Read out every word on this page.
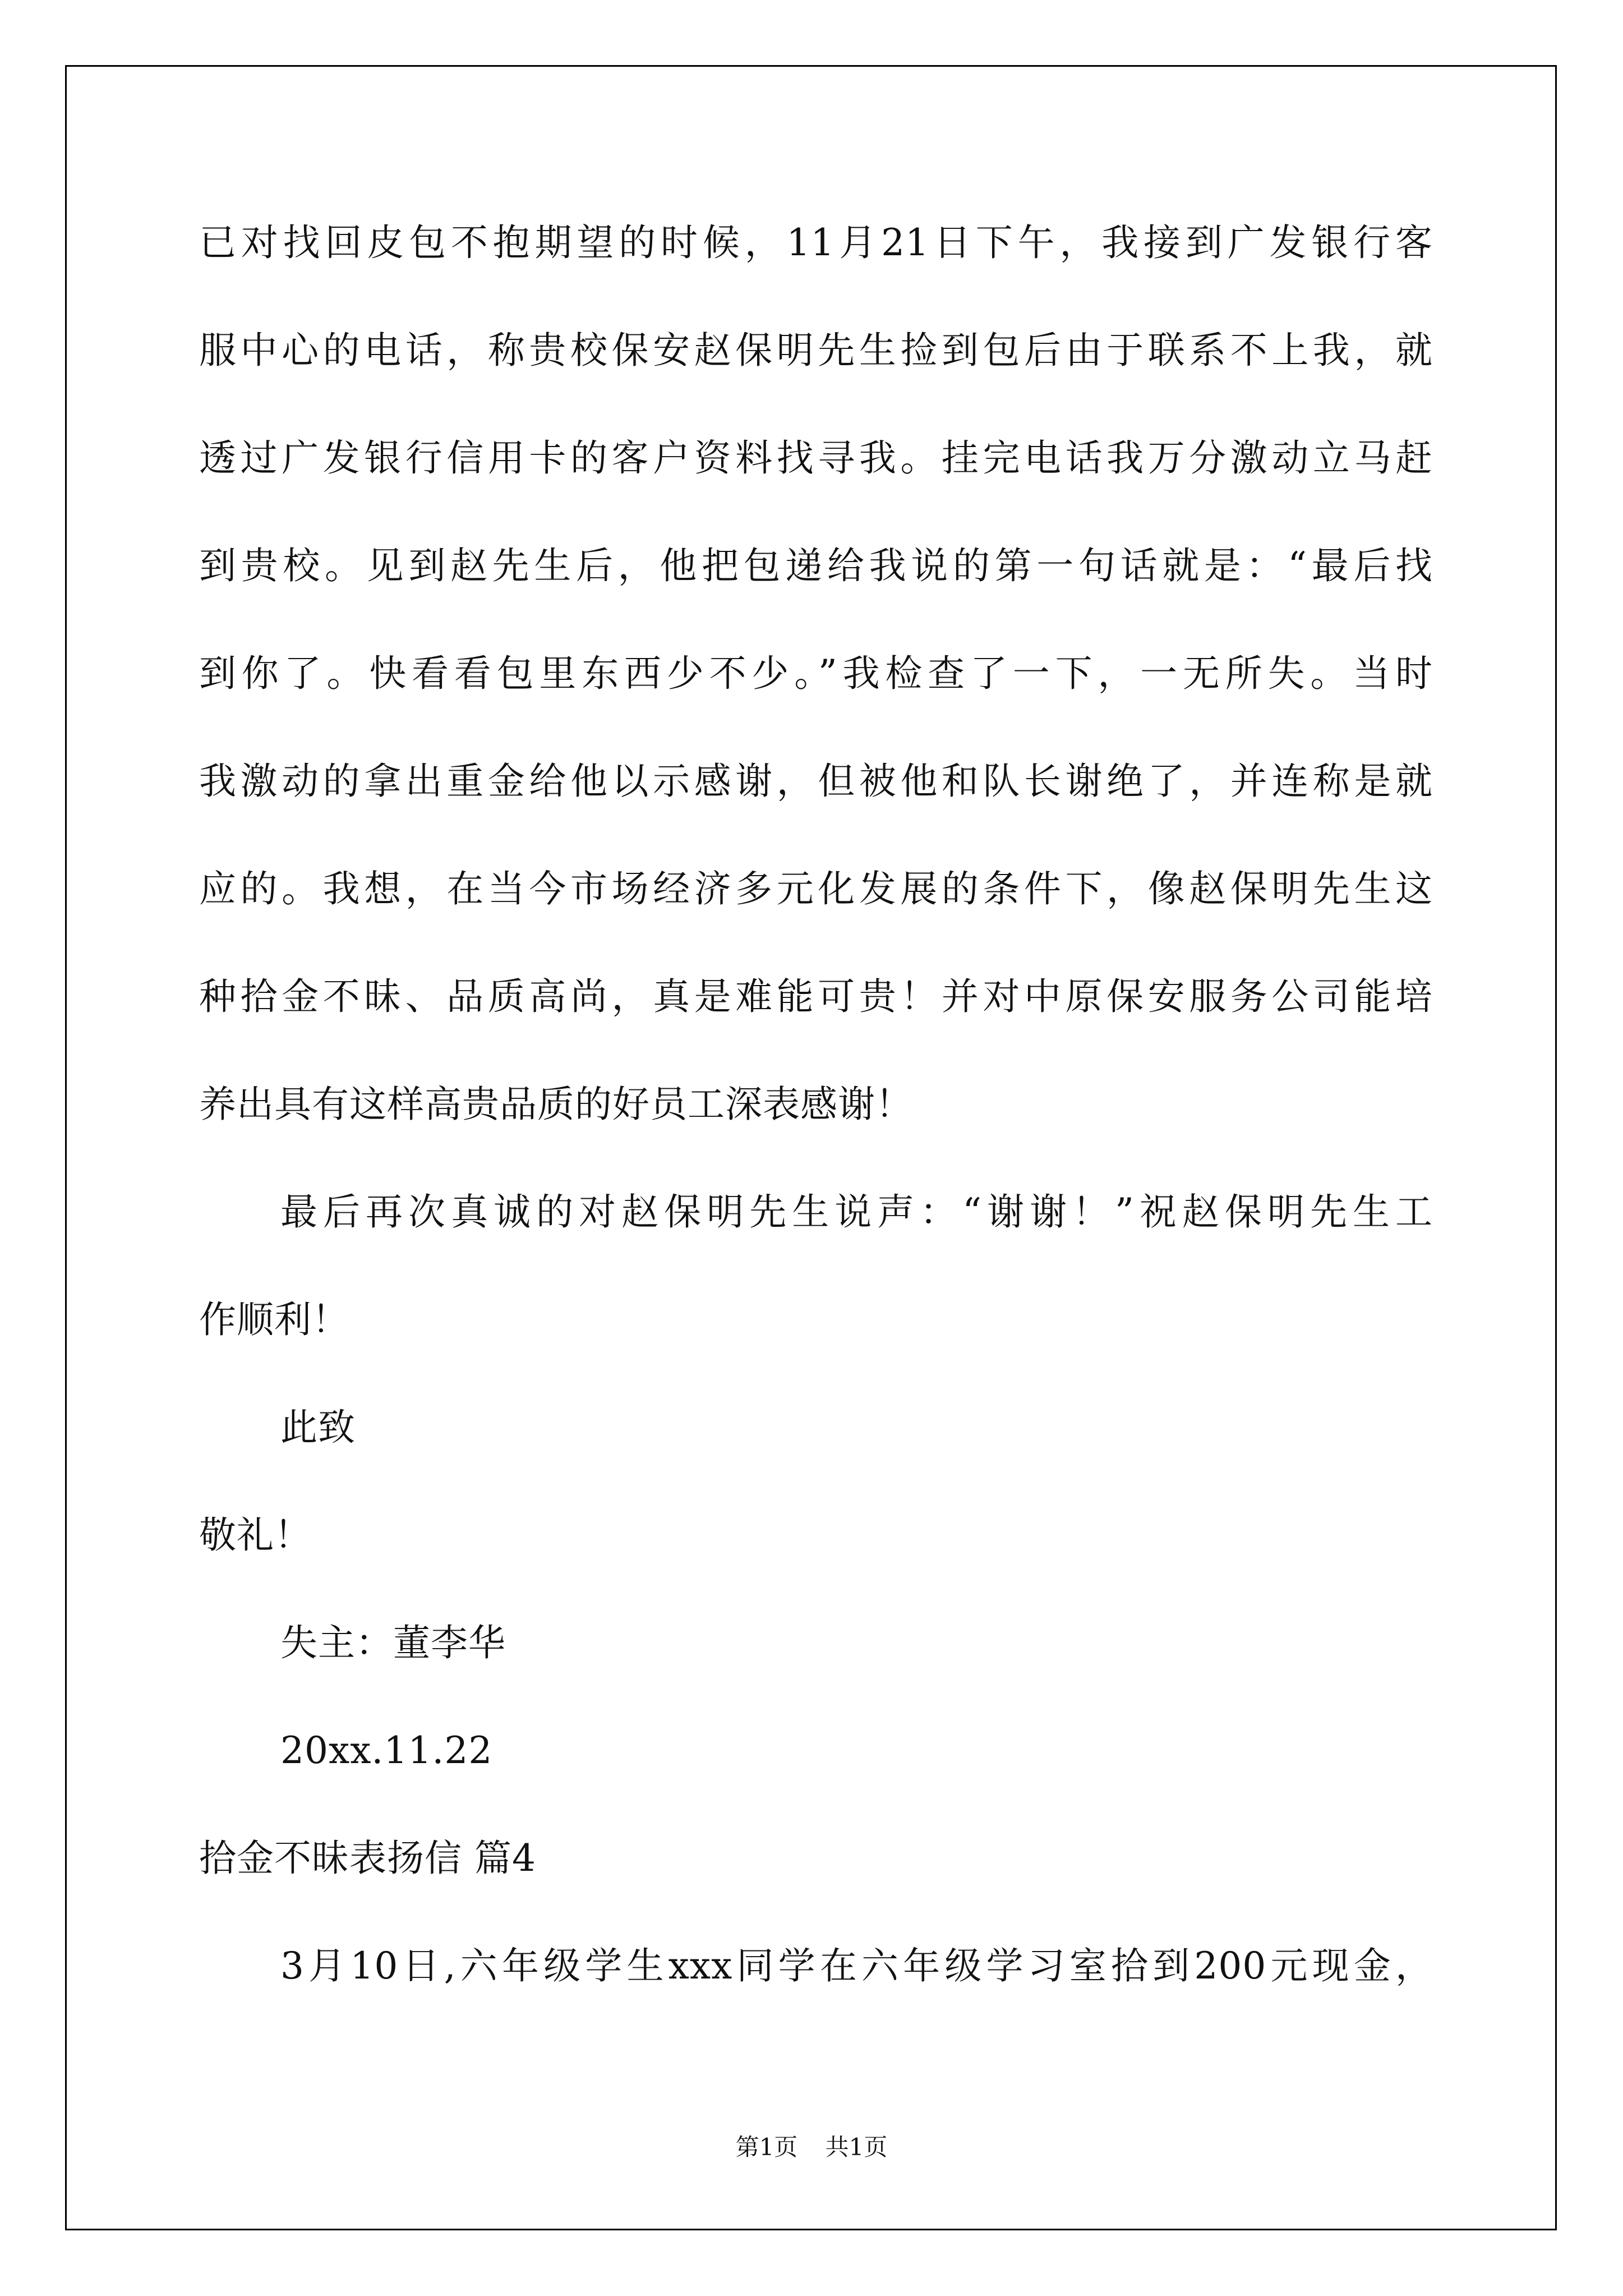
已对找回皮包不抱期望的时候，11月21日下午，我接到广发银行客
服中心的电话，称贵校保安赵保明先生捡到包后由于联系不上我，就
透过广发银行信用卡的客户资料找寻我。挂完电话我万分激动立马赶
到贵校。见到赵先生后，他把包递给我说的第一句话就是：“最后找
到你了。快看看包里东西少不少。”我检查了一下，一无所失。当时
我激动的拿出重金给他以示感谢，但被他和队长谢绝了，并连称是就
应的。我想，在当今市场经济多元化发展的条件下，像赵保明先生这
种拾金不昧、品质高尚，真是难能可贵！并对中原保安服务公司能培
养出具有这样高贵品质的好员工深表感谢！
最后再次真诚的对赵保明先生说声：“谢谢！”祝赵保明先生工
作顺利！
此致
敬礼！
失主：董李华
20xx.11.22
拾金不昧表扬信 篇4
3月10日,六年级学生xxx同学在六年级学习室拾到200元现金，
第1页 共1页
